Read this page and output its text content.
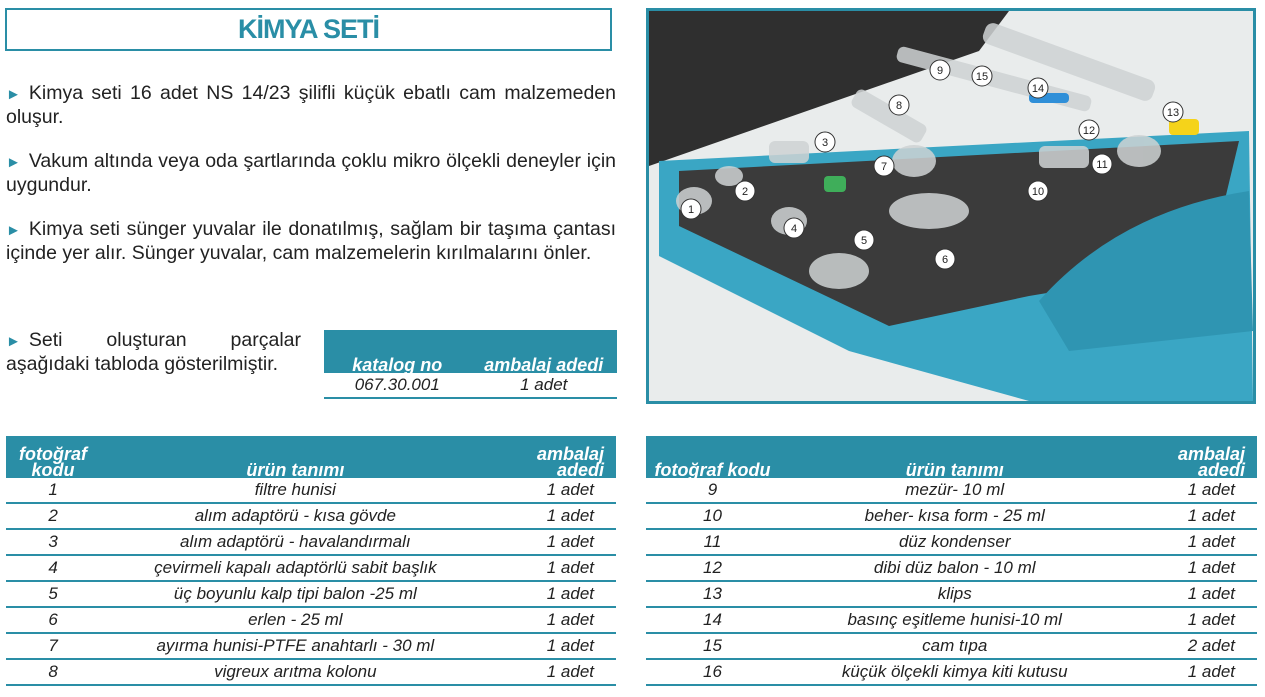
KİMYA SETİ
► Kimya seti 16 adet NS 14/23 şilifli küçük ebatlı cam malzemeden oluşur.
► Vakum altında veya oda şartlarında çoklu mikro ölçekli deneyler için uygundur.
► Kimya seti sünger yuvalar ile donatılmış, sağlam bir taşıma çantası içinde yer alır. Sünger yuvalar, cam malzemelerin kırılmalarını önler.
► Seti oluşturan parçalar aşağıdaki tabloda gösterilmiştir.	katalog no	ambalaj adedi
067.30.001	1 adet
1
2
3
4
5
6
7
8
9
10
11
12
13
14
15
fotoğraf kodu	ürün tanımı	ambalaj adedi
1	filtre hunisi	1 adet
2	alım adaptörü - kısa gövde	1 adet
3	alım adaptörü - havalandırmalı	1 adet
4	çevirmeli kapalı adaptörlü sabit başlık	1 adet
5	üç boyunlu kalp tipi balon -25 ml	1 adet
6	erlen - 25 ml	1 adet
7	ayırma hunisi-PTFE anahtarlı - 30 ml	1 adet
8	vigreux arıtma kolonu	1 adet
fotoğraf kodu	ürün tanımı	ambalaj adedi
9	mezür- 10 ml	1 adet
10	beher- kısa form - 25 ml	1 adet
11	düz kondenser	1 adet
12	dibi düz balon - 10 ml	1 adet
13	klips	1 adet
14	basınç eşitleme hunisi-10 ml	1 adet
15	cam tıpa	2 adet
16	küçük ölçekli kimya kiti kutusu	1 adet
